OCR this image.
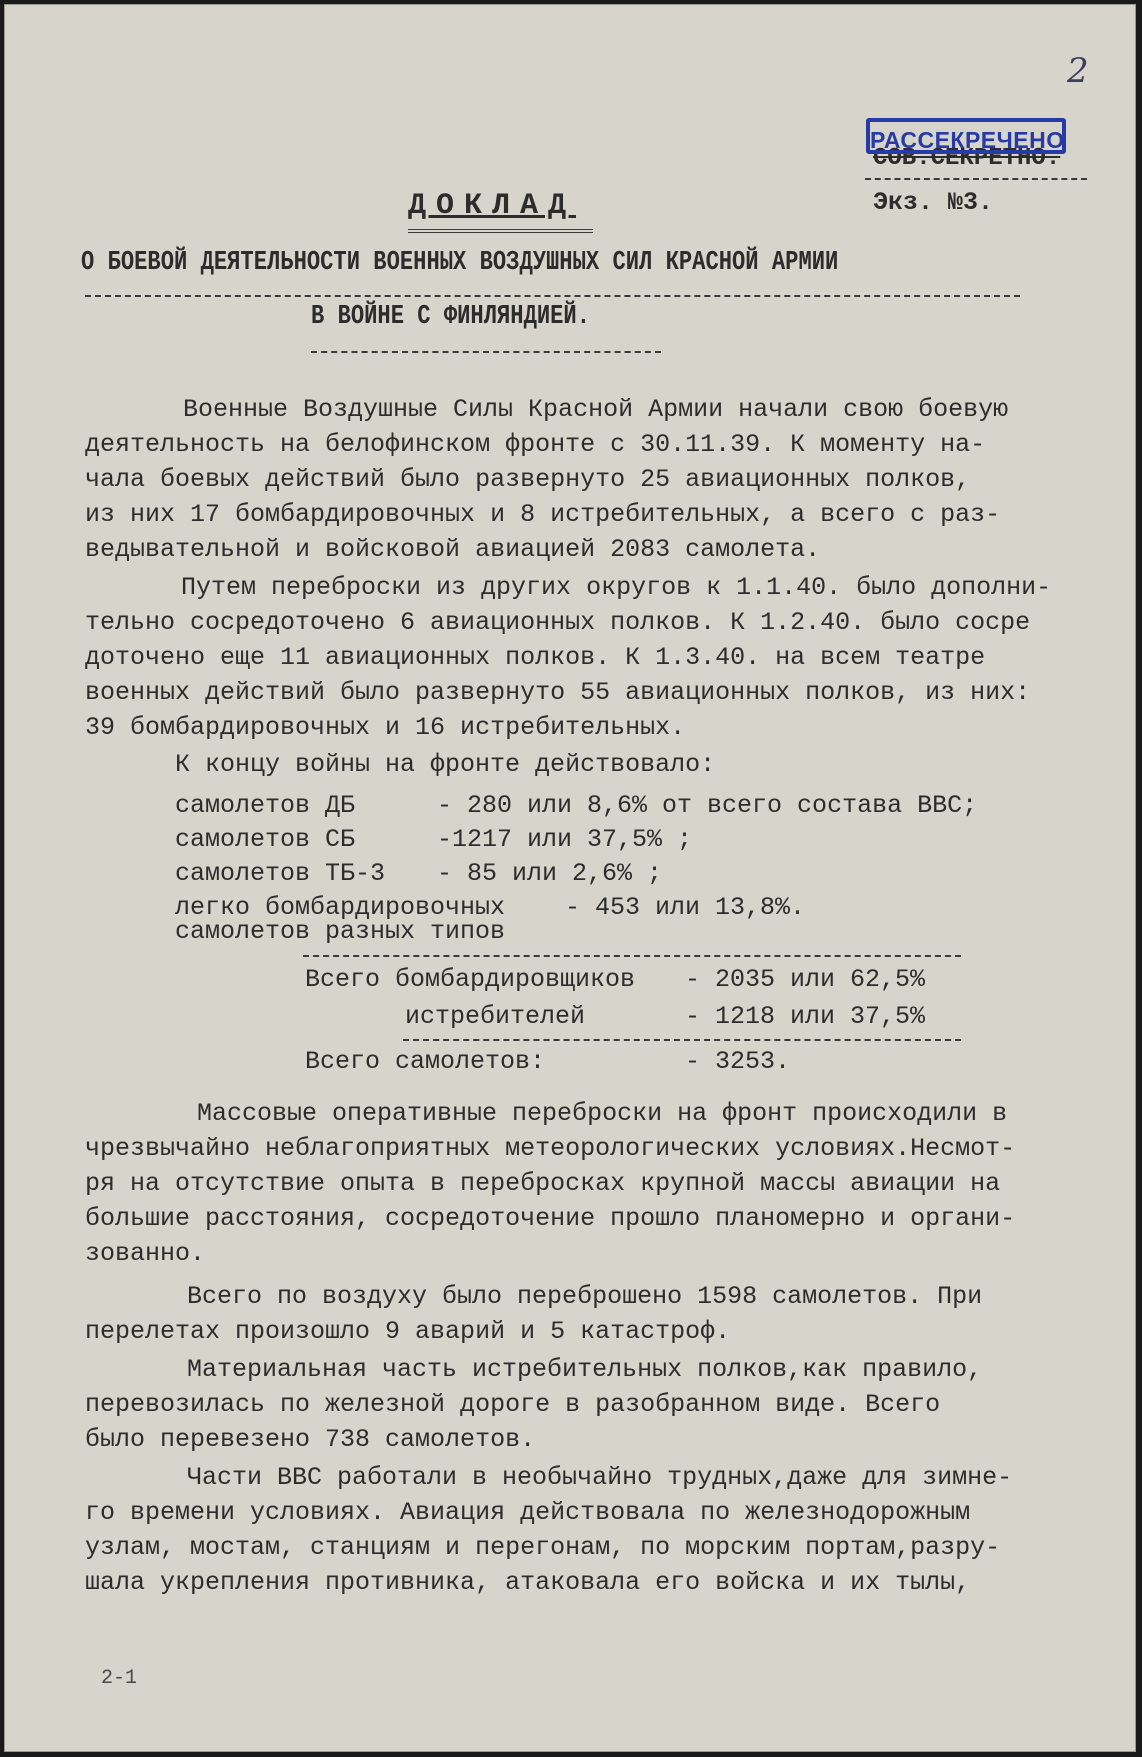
2
СОВ.СЕКРЕТНО.
РАССЕКРЕЧЕНО
Экз. №3.
ДОКЛАД
О БОЕВОЙ ДЕЯТЕЛЬНОСТИ ВОЕННЫХ ВОЗДУШНЫХ СИЛ КРАСНОЙ АРМИИ
В ВОЙНЕ С ФИНЛЯНДИЕЙ.
Военные Воздушные Силы Красной Армии начали свою боевую
деятельность на белофинском фронте с 30.11.39. К моменту на-
чала боевых действий было развернуто 25 авиационных полков,
из них 17 бомбардировочных и 8 истребительных, а всего с раз-
ведывательной и войсковой авиацией 2083 самолета.
Путем переброски из других округов к 1.1.40. было дополни-
тельно сосредоточено 6 авиационных полков. К 1.2.40. было сосре
доточено еще 11 авиационных полков. К 1.3.40. на всем театре
военных действий было развернуто 55 авиационных полков, из них:
39 бомбардировочных и 16 истребительных.
К концу войны на фронте действовало:
самолетов ДБ	- 280 или 8,6% от всего состава ВВС;
самолетов СБ	-1217 или 37,5% ;
самолетов ТБ-3 - 85 или 2,6% ;
легко бомбардировочных - 453 или 13,8%.
самолетов разных типов
Всего бомбардировщиков - 2035 или 62,5%
истребителей	- 1218 или 37,5%
Всего самолетов:	- 3253.
Массовые оперативные переброски на фронт происходили в
чрезвычайно неблагоприятных метеорологических условиях.Несмот-
ря на отсутствие опыта в перебросках крупной массы авиации на
большие расстояния, сосредоточение прошло планомерно и органи-
зованно.
Всего по воздуху было переброшено 1598 самолетов. При
перелетах произошло 9 аварий и 5 катастроф.
Материальная часть истребительных полков,как правило,
перевозилась по железной дороге в разобранном виде. Всего
было перевезено 738 самолетов.
Части ВВС работали в необычайно трудных,даже для зимне-
го времени условиях. Авиация действовала по железнодорожным
узлам, мостам, станциям и перегонам, по морским портам,разру-
шала укрепления противника, атаковала его войска и их тылы,
2-1
